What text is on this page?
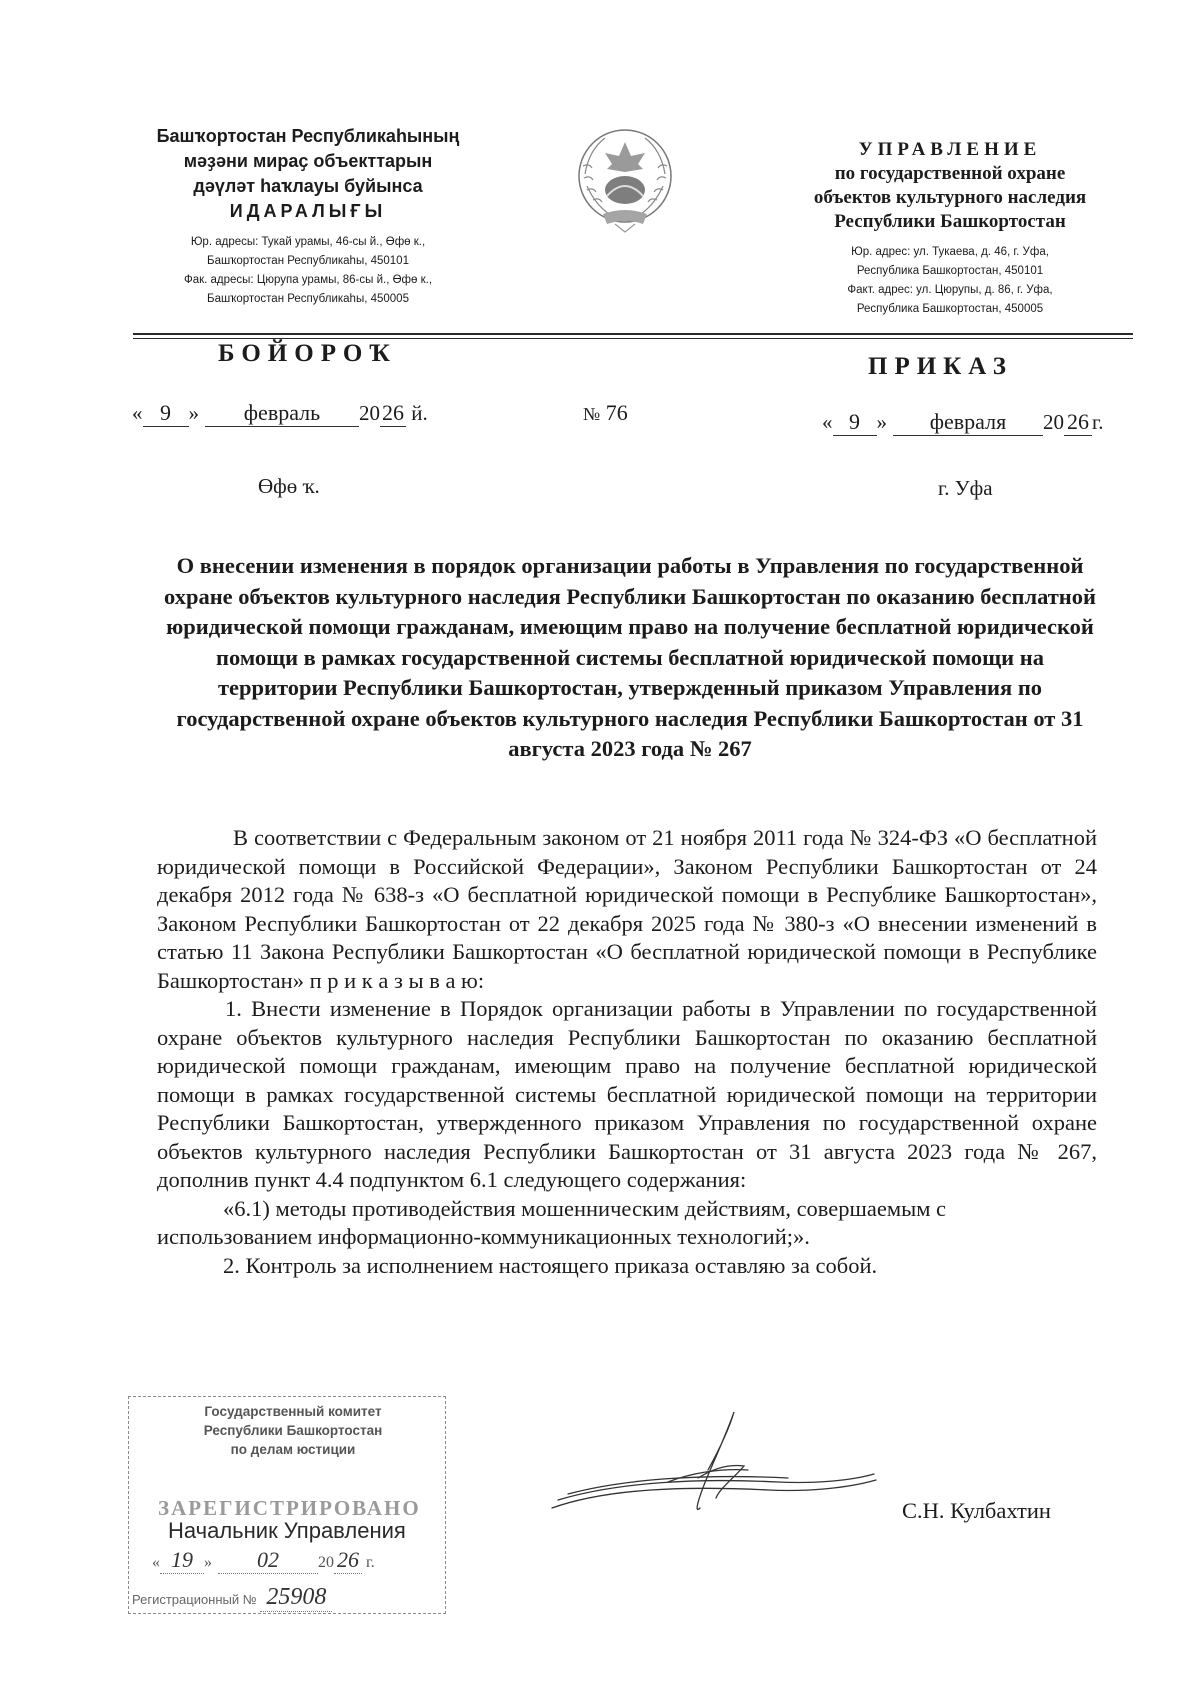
Башҡортостан Республикаһының
мәҙәни мираҫ объекттарын
дәүләт һаҡлауы буйынса
ИДАРАЛЫҒЫ
Юр. адресы: Тукай урамы, 46-сы й., Өфө к.,
Башҡортостан Республикаһы, 450101
Фак. адресы: Цюрупа урамы, 86-сы й., Өфө к.,
Башҡортостан Республикаһы, 450005
УПРАВЛЕНИЕ
по государственной охране
объектов культурного наследия
Республики Башкортостан
Юр. адрес: ул. Тукаева, д. 46, г. Уфа,
Республика Башкортостан, 450101
Факт. адрес: ул. Цюрупы, д. 86, г. Уфа,
Республика Башкортостан, 450005
БОЙОРОҠ	ПРИКАЗ
« 9 » февраль 2026 й.	№ 76	« 9 » февраля 20 26 г.
Өфө ҡ.	г. Уфа
О внесении изменения в порядок организации работы в Управления по государственной охране объектов культурного наследия Республики Башкортостан по оказанию бесплатной юридической помощи гражданам, имеющим право на получение бесплатной юридической помощи в рамках государственной системы бесплатной юридической помощи на территории Республики Башкортостан, утвержденный приказом Управления по государственной охране объектов культурного наследия Республики Башкортостан от 31 августа 2023 года № 267

В соответствии с Федеральным законом от 21 ноября 2011 года № 324-ФЗ «О бесплатной юридической помощи в Российской Федерации», Законом Республики Башкортостан от 24 декабря 2012 года № 638-з «О бесплатной юридической помощи в Республике Башкортостан», Законом Республики Башкортостан от 22 декабря 2025 года № 380-з «О внесении изменений в статью 11 Закона Республики Башкортостан «О бесплатной юридической помощи в Республике Башкортостан» п р и к а з ы в а ю:

1. Внести изменение в Порядок организации работы в Управлении по государственной охране объектов культурного наследия Республики Башкортостан по оказанию бесплатной юридической помощи гражданам, имеющим право на получение бесплатной юридической помощи в рамках государственной системы бесплатной юридической помощи на территории Республики Башкортостан, утвержденного приказом Управления по государственной охране объектов культурного наследия Республики Башкортостан от 31 августа 2023 года № 267, дополнив пункт 4.4 подпунктом 6.1 следующего содержания:

«6.1) методы противодействия мошенническим действиям, совершаемым с использованием информационно-коммуникационных технологий;».

2. Контроль за исполнением настоящего приказа оставляю за собой.

Государственный комитет
Республики Башкортостан
по делам юстиции
ЗАРЕГИСТРИРОВАНО
Начальник Управления
« 19 » 02 20 26 г.
Регистрационный № 25908
С.Н. Кулбахтин
